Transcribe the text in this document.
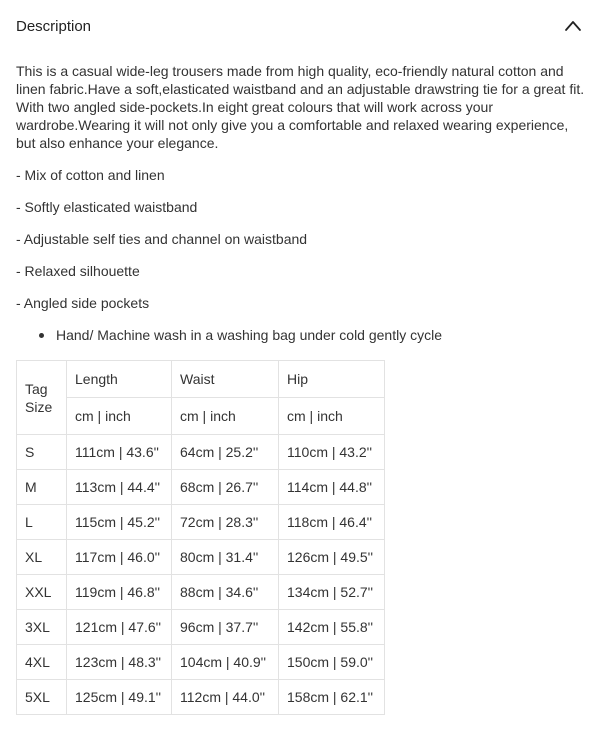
Description

This is a casual wide-leg trousers made from high quality, eco-friendly natural cotton and linen fabric.Have a soft,elasticated waistband and an adjustable drawstring tie for a great fit. With two angled side-pockets.In eight great colours that will work across your wardrobe.Wearing it will not only give you a comfortable and relaxed wearing experience, but also enhance your elegance.

- Mix of cotton and linen
- Softly elasticated waistband
- Adjustable self ties and channel on waistband
- Relaxed silhouette
- Angled side pockets
Hand/ Machine wash in a washing bag under cold gently cycle
Tag
Size	Length	Waist	Hip
	cm | inch	cm | inch	cm | inch
S	111cm | 43.6''	64cm | 25.2''	110cm | 43.2''
M	113cm | 44.4''	68cm | 26.7''	114cm | 44.8''
L	115cm | 45.2''	72cm | 28.3''	118cm | 46.4''
XL	117cm | 46.0''	80cm | 31.4''	126cm | 49.5''
XXL	119cm | 46.8''	88cm | 34.6''	134cm | 52.7''
3XL	121cm | 47.6''	96cm | 37.7''	142cm | 55.8''
4XL	123cm | 48.3''	104cm | 40.9''	150cm | 59.0''
5XL	125cm | 49.1''	112cm | 44.0''	158cm | 62.1''
